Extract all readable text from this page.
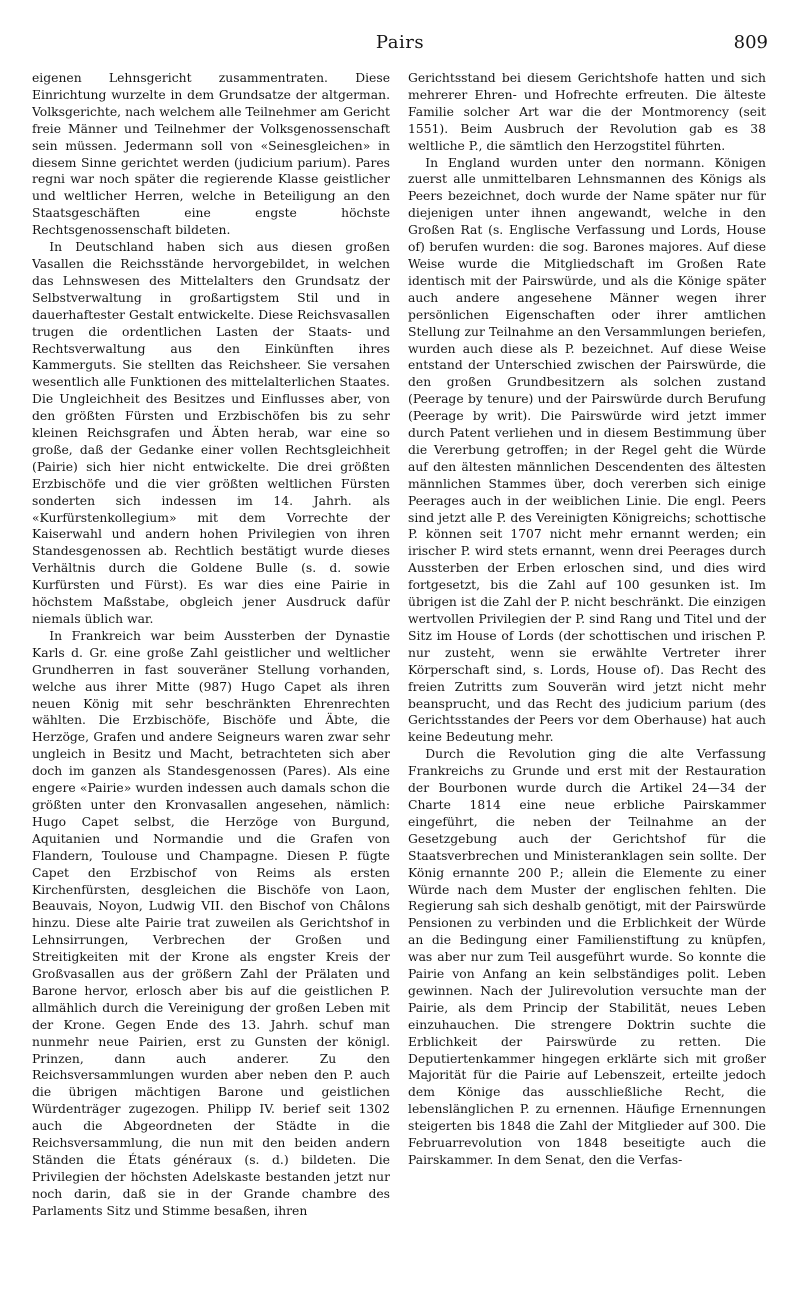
Pairs	809

eigenen Lehnsgericht zusammentraten. Diese Einrichtung wurzelte in dem Grundsatze der altgerman. Volksgerichte, nach welchem alle Teilnehmer am Gericht freie Männer und Teilnehmer der Volksgenossenschaft sein müssen. Jedermann soll von «Seinesgleichen» in diesem Sinne gerichtet werden (judicium parium). Pares regni war noch später die regierende Klasse geistlicher und weltlicher Herren, welche in Beteiligung an den Staatsgeschäften eine engste höchste Rechtsgenossenschaft bildeten.

In Deutschland haben sich aus diesen großen Vasallen die Reichsstände hervorgebildet, in welchen das Lehnswesen des Mittelalters den Grundsatz der Selbstverwaltung in großartigstem Stil und in dauerhaftester Gestalt entwickelte. Diese Reichsvasallen trugen die ordentlichen Lasten der Staats- und Rechtsverwaltung aus den Einkünften ihres Kammerguts. Sie stellten das Reichsheer. Sie versahen wesentlich alle Funktionen des mittelalterlichen Staates. Die Ungleichheit des Besitzes und Einflusses aber, von den größten Fürsten und Erzbischöfen bis zu sehr kleinen Reichsgrafen und Äbten herab, war eine so große, daß der Gedanke einer vollen Rechtsgleichheit (Pairie) sich hier nicht entwickelte. Die drei größten Erzbischöfe und die vier größten weltlichen Fürsten sonderten sich indessen im 14. Jahrh. als «Kurfürstenkollegium» mit dem Vorrechte der Kaiserwahl und andern hohen Privilegien von ihren Standesgenossen ab. Rechtlich bestätigt wurde dieses Verhältnis durch die Goldene Bulle (s. d. sowie Kurfürsten und Fürst). Es war dies eine Pairie in höchstem Maßstabe, obgleich jener Ausdruck dafür niemals üblich war.

In Frankreich war beim Aussterben der Dynastie Karls d. Gr. eine große Zahl geistlicher und weltlicher Grundherren in fast souveräner Stellung vorhanden, welche aus ihrer Mitte (987) Hugo Capet als ihren neuen König mit sehr beschränkten Ehrenrechten wählten. Die Erzbischöfe, Bischöfe und Äbte, die Herzöge, Grafen und andere Seigneurs waren zwar sehr ungleich in Besitz und Macht, betrachteten sich aber doch im ganzen als Standesgenossen (Pares). Als eine engere «Pairie» wurden indessen auch damals schon die größten unter den Kronvasallen angesehen, nämlich: Hugo Capet selbst, die Herzöge von Burgund, Aquitanien und Normandie und die Grafen von Flandern, Toulouse und Champagne. Diesen P. fügte Capet den Erzbischof von Reims als ersten Kirchenfürsten, desgleichen die Bischöfe von Laon, Beauvais, Noyon, Ludwig VII. den Bischof von Châlons hinzu. Diese alte Pairie trat zuweilen als Gerichtshof in Lehnsirrungen, Verbrechen der Großen und Streitigkeiten mit der Krone als engster Kreis der Großvasallen aus der größern Zahl der Prälaten und Barone hervor, erlosch aber bis auf die geistlichen P. allmählich durch die Vereinigung der großen Leben mit der Krone. Gegen Ende des 13. Jahrh. schuf man nunmehr neue Pairien, erst zu Gunsten der königl. Prinzen, dann auch anderer. Zu den Reichsversammlungen wurden aber neben den P. auch die übrigen mächtigen Barone und geistlichen Würdenträger zugezogen. Philipp IV. berief seit 1302 auch die Abgeordneten der Städte in die Reichsversammlung, die nun mit den beiden andern Ständen die États généraux (s. d.) bildeten. Die Privilegien der höchsten Adelskaste bestanden jetzt nur noch darin, daß sie in der Grande chambre des Parlaments Sitz und Stimme besaßen, ihren

Gerichtsstand bei diesem Gerichtshofe hatten und sich mehrerer Ehren- und Hofrechte erfreuten. Die älteste Familie solcher Art war die der Montmorency (seit 1551). Beim Ausbruch der Revolution gab es 38 weltliche P., die sämtlich den Herzogstitel führten.

In England wurden unter den normann. Königen zuerst alle unmittelbaren Lehnsmannen des Königs als Peers bezeichnet, doch wurde der Name später nur für diejenigen unter ihnen angewandt, welche in den Großen Rat (s. Englische Verfassung und Lords, House of) berufen wurden: die sog. Barones majores. Auf diese Weise wurde die Mitgliedschaft im Großen Rate identisch mit der Pairswürde, und als die Könige später auch andere angesehene Männer wegen ihrer persönlichen Eigenschaften oder ihrer amtlichen Stellung zur Teilnahme an den Versammlungen beriefen, wurden auch diese als P. bezeichnet. Auf diese Weise entstand der Unterschied zwischen der Pairswürde, die den großen Grundbesitzern als solchen zustand (Peerage by tenure) und der Pairswürde durch Berufung (Peerage by writ). Die Pairswürde wird jetzt immer durch Patent verliehen und in diesem Bestimmung über die Vererbung getroffen; in der Regel geht die Würde auf den ältesten männlichen Descendenten des ältesten männlichen Stammes über, doch vererben sich einige Peerages auch in der weiblichen Linie. Die engl. Peers sind jetzt alle P. des Vereinigten Königreichs; schottische P. können seit 1707 nicht mehr ernannt werden; ein irischer P. wird stets ernannt, wenn drei Peerages durch Aussterben der Erben erloschen sind, und dies wird fortgesetzt, bis die Zahl auf 100 gesunken ist. Im übrigen ist die Zahl der P. nicht beschränkt. Die einzigen wertvollen Privilegien der P. sind Rang und Titel und der Sitz im House of Lords (der schottischen und irischen P. nur zusteht, wenn sie erwählte Vertreter ihrer Körperschaft sind, s. Lords, House of). Das Recht des freien Zutritts zum Souverän wird jetzt nicht mehr beansprucht, und das Recht des judicium parium (des Gerichtsstandes der Peers vor dem Oberhause) hat auch keine Bedeutung mehr.

Durch die Revolution ging die alte Verfassung Frankreichs zu Grunde und erst mit der Restauration der Bourbonen wurde durch die Artikel 24—34 der Charte 1814 eine neue erbliche Pairskammer eingeführt, die neben der Teilnahme an der Gesetzgebung auch der Gerichtshof für die Staatsverbrechen und Ministeranklagen sein sollte. Der König ernannte 200 P.; allein die Elemente zu einer Würde nach dem Muster der englischen fehlten. Die Regierung sah sich deshalb genötigt, mit der Pairswürde Pensionen zu verbinden und die Erblichkeit der Würde an die Bedingung einer Familienstiftung zu knüpfen, was aber nur zum Teil ausgeführt wurde. So konnte die Pairie von Anfang an kein selbständiges polit. Leben gewinnen. Nach der Julirevolution versuchte man der Pairie, als dem Princip der Stabilität, neues Leben einzuhauchen. Die strengere Doktrin suchte die Erblichkeit der Pairswürde zu retten. Die Deputiertenkammer hingegen erklärte sich mit großer Majorität für die Pairie auf Lebenszeit, erteilte jedoch dem Könige das ausschließliche Recht, die lebenslänglichen P. zu ernennen. Häufige Ernennungen steigerten bis 1848 die Zahl der Mitglieder auf 300. Die Februarrevolution von 1848 beseitigte auch die Pairskammer. In dem Senat, den die Verfas-
